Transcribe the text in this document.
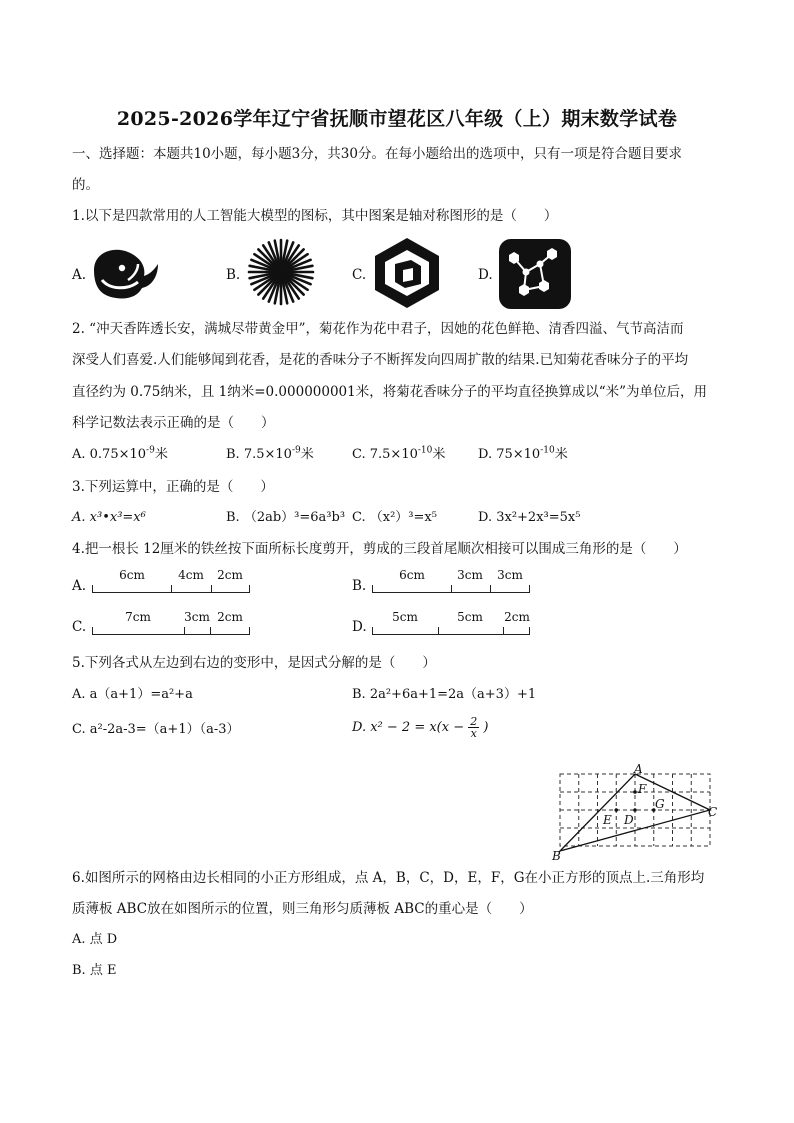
2025-2026学年辽宁省抚顺市望花区八年级（上）期末数学试卷
一、选择题：本题共10小题，每小题3分，共30分。在每小题给出的选项中，只有一项是符合题目要求
的。
1.以下是四款常用的人工智能大模型的图标，其中图案是轴对称图形的是（　　）
A.	B.	C.	D.
2. “冲天香阵透长安，满城尽带黄金甲”，菊花作为花中君子，因她的花色鲜艳、清香四溢、气节高洁而
深受人们喜爱.人们能够闻到花香，是花的香味分子不断挥发向四周扩散的结果.已知菊花香味分子的平均
直径约为 0.75纳米，且 1纳米=0.000000001米，将菊花香味分子的平均直径换算成以“米”为单位后，用
科学记数法表示正确的是（　　）
A. $0.75\times 10^{-9}$米	B. $7.5\times 10^{-9}$米	C. $7.5\times 10^{-10}$米	D. $75\times 10^{-10}$米
3.下列运算中，正确的是（　　）
A. x³•x³=x⁶	B. （2ab）³=6a³b³ C. （x²）³=x⁵	D. 3x²+2x³=5x⁵
4.把一根长 12厘米的铁丝按下面所标长度剪开，剪成的三段首尾顺次相接可以围成三角形的是（　　）
A.
6cm	4cm 2cm
B.
6cm	3cm 3cm
C.
7cm	3cm 2cm
D.
5cm	5cm 2cm
5.下列各式从左边到右边的变形中，是因式分解的是（　　）
A. a（a+1）=a²+a	B. 2a²+6a+1=2a（a+3）+1
C. a²-2a-3=（a+1）（a-3）	D. $x^2 - 2 = x(x - \frac{2}{x}$ )
A
B
C
D
E
F
G
6.如图所示的网格由边长相同的小正方形组成，点 A，B，C，D，E，F，G在小正方形的顶点上.三角形均
质薄板 ABC放在如图所示的位置，则三角形匀质薄板 ABC的重心是（　　）
A. 点 D
B. 点 E
